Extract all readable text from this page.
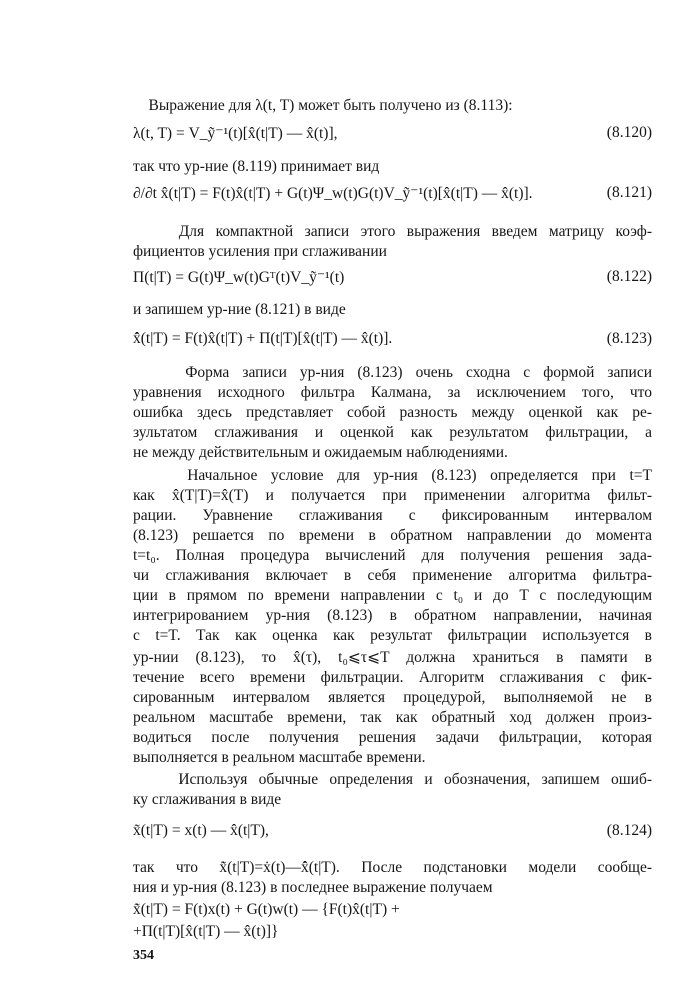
Выражение для λ(t, T) может быть получено из (8.113):
λ(t, T) = V_ỹ⁻¹(t)[x̂(t|T) — x̂(t)],	(8.120)
так что ур-ние (8.119) принимает вид
∂/∂t x̂(t|T) = F(t)x̂(t|T) + G(t)Ψ_w(t)G(t)V_ỹ⁻¹(t)[x̂(t|T) — x̂(t)].	(8.121)
Для компактной записи этого выражения введем матрицу коэф-
фициентов усиления при сглаживании
Π(t|T) = G(t)Ψ_w(t)Gᵀ(t)V_ỹ⁻¹(t)	(8.122)
и запишем ур-ние (8.121) в виде
x̂̇(t|T) = F(t)x̂(t|T) + Π(t|T)[x̂(t|T) — x̂(t)].	(8.123)
Форма записи ур-ния (8.123) очень сходна с формой записи
уравнения исходного фильтра Калмана, за исключением того, что
ошибка здесь представляет собой разность между оценкой как ре-
зультатом сглаживания и оценкой как результатом фильтрации, а
не между действительным и ожидаемым наблюдениями.
Начальное условие для ур-ния (8.123) определяется при t=T
как x̂(T|T)=x̂(T) и получается при применении алгоритма фильт-
рации. Уравнение сглаживания с фиксированным интервалом
(8.123) решается по времени в обратном направлении до момента
t=t₀. Полная процедура вычислений для получения решения зада-
чи сглаживания включает в себя применение алгоритма фильтра-
ции в прямом по времени направлении с t₀ и до T с последующим
интегрированием ур-ния (8.123) в обратном направлении, начиная
с t=T. Так как оценка как результат фильтрации используется в
ур-нии (8.123), то x̂(τ), t₀⩽τ⩽T должна храниться в памяти в
течение всего времени фильтрации. Алгоритм сглаживания с фик-
сированным интервалом является процедурой, выполняемой не в
реальном масштабе времени, так как обратный ход должен произ-
водиться после получения решения задачи фильтрации, которая
выполняется в реальном масштабе времени.
Используя обычные определения и обозначения, запишем ошиб-
ку сглаживания в виде
x̃(t|T) = x(t) — x̂(t|T),	(8.124)
так что x̃̇(t|T)=ẋ(t)—x̂̇(t|T). После подстановки модели сообще-
ния и ур-ния (8.123) в последнее выражение получаем
x̃̇(t|T) = F(t)x(t) + G(t)w(t) — {F(t)x̂(t|T) +
+Π(t|T)[x̂(t|T) — x̂(t)]}
354
